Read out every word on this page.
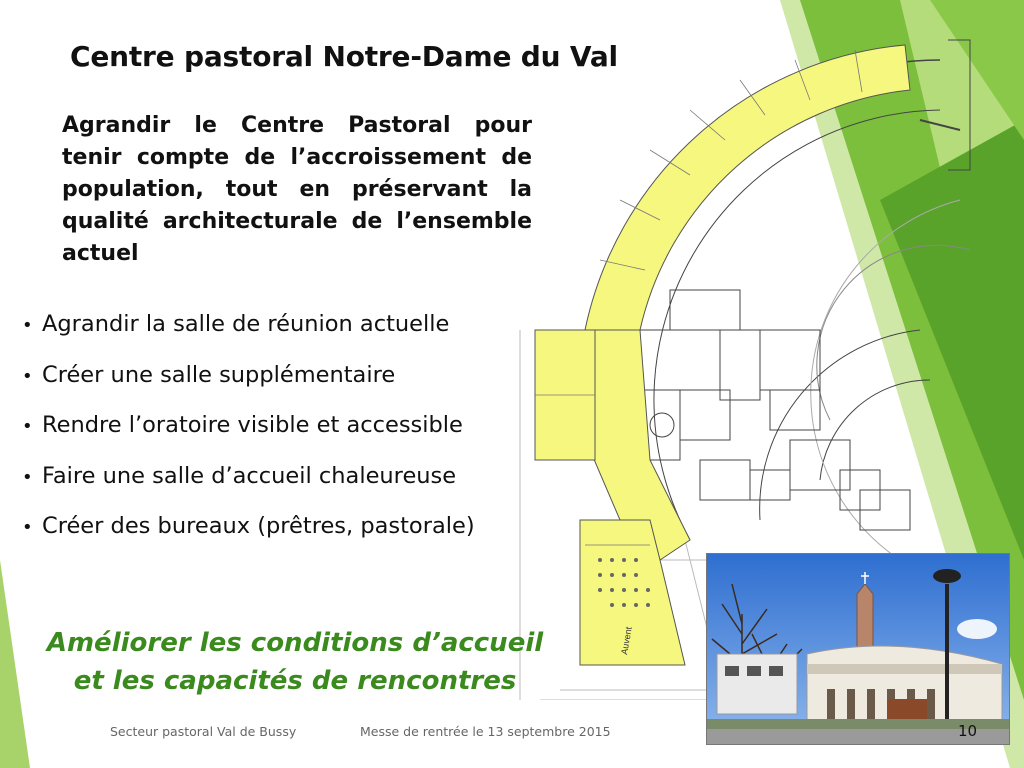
Auvent
Centre pastoral Notre-Dame du Val
Agrandir le Centre Pastoral pour tenir compte de l’accroissement de population, tout en préservant la qualité architecturale de l’ensemble actuel
• Agrandir la salle de réunion actuelle
• Créer une salle supplémentaire
• Rendre l’oratoire visible et accessible
• Faire une salle d’accueil chaleureuse
• Créer des bureaux (prêtres, pastorale)
Améliorer les conditions d’accueil
et les capacités de rencontres
Secteur pastoral Val de Bussy	Messe de rentrée le 13 septembre 2015	10
